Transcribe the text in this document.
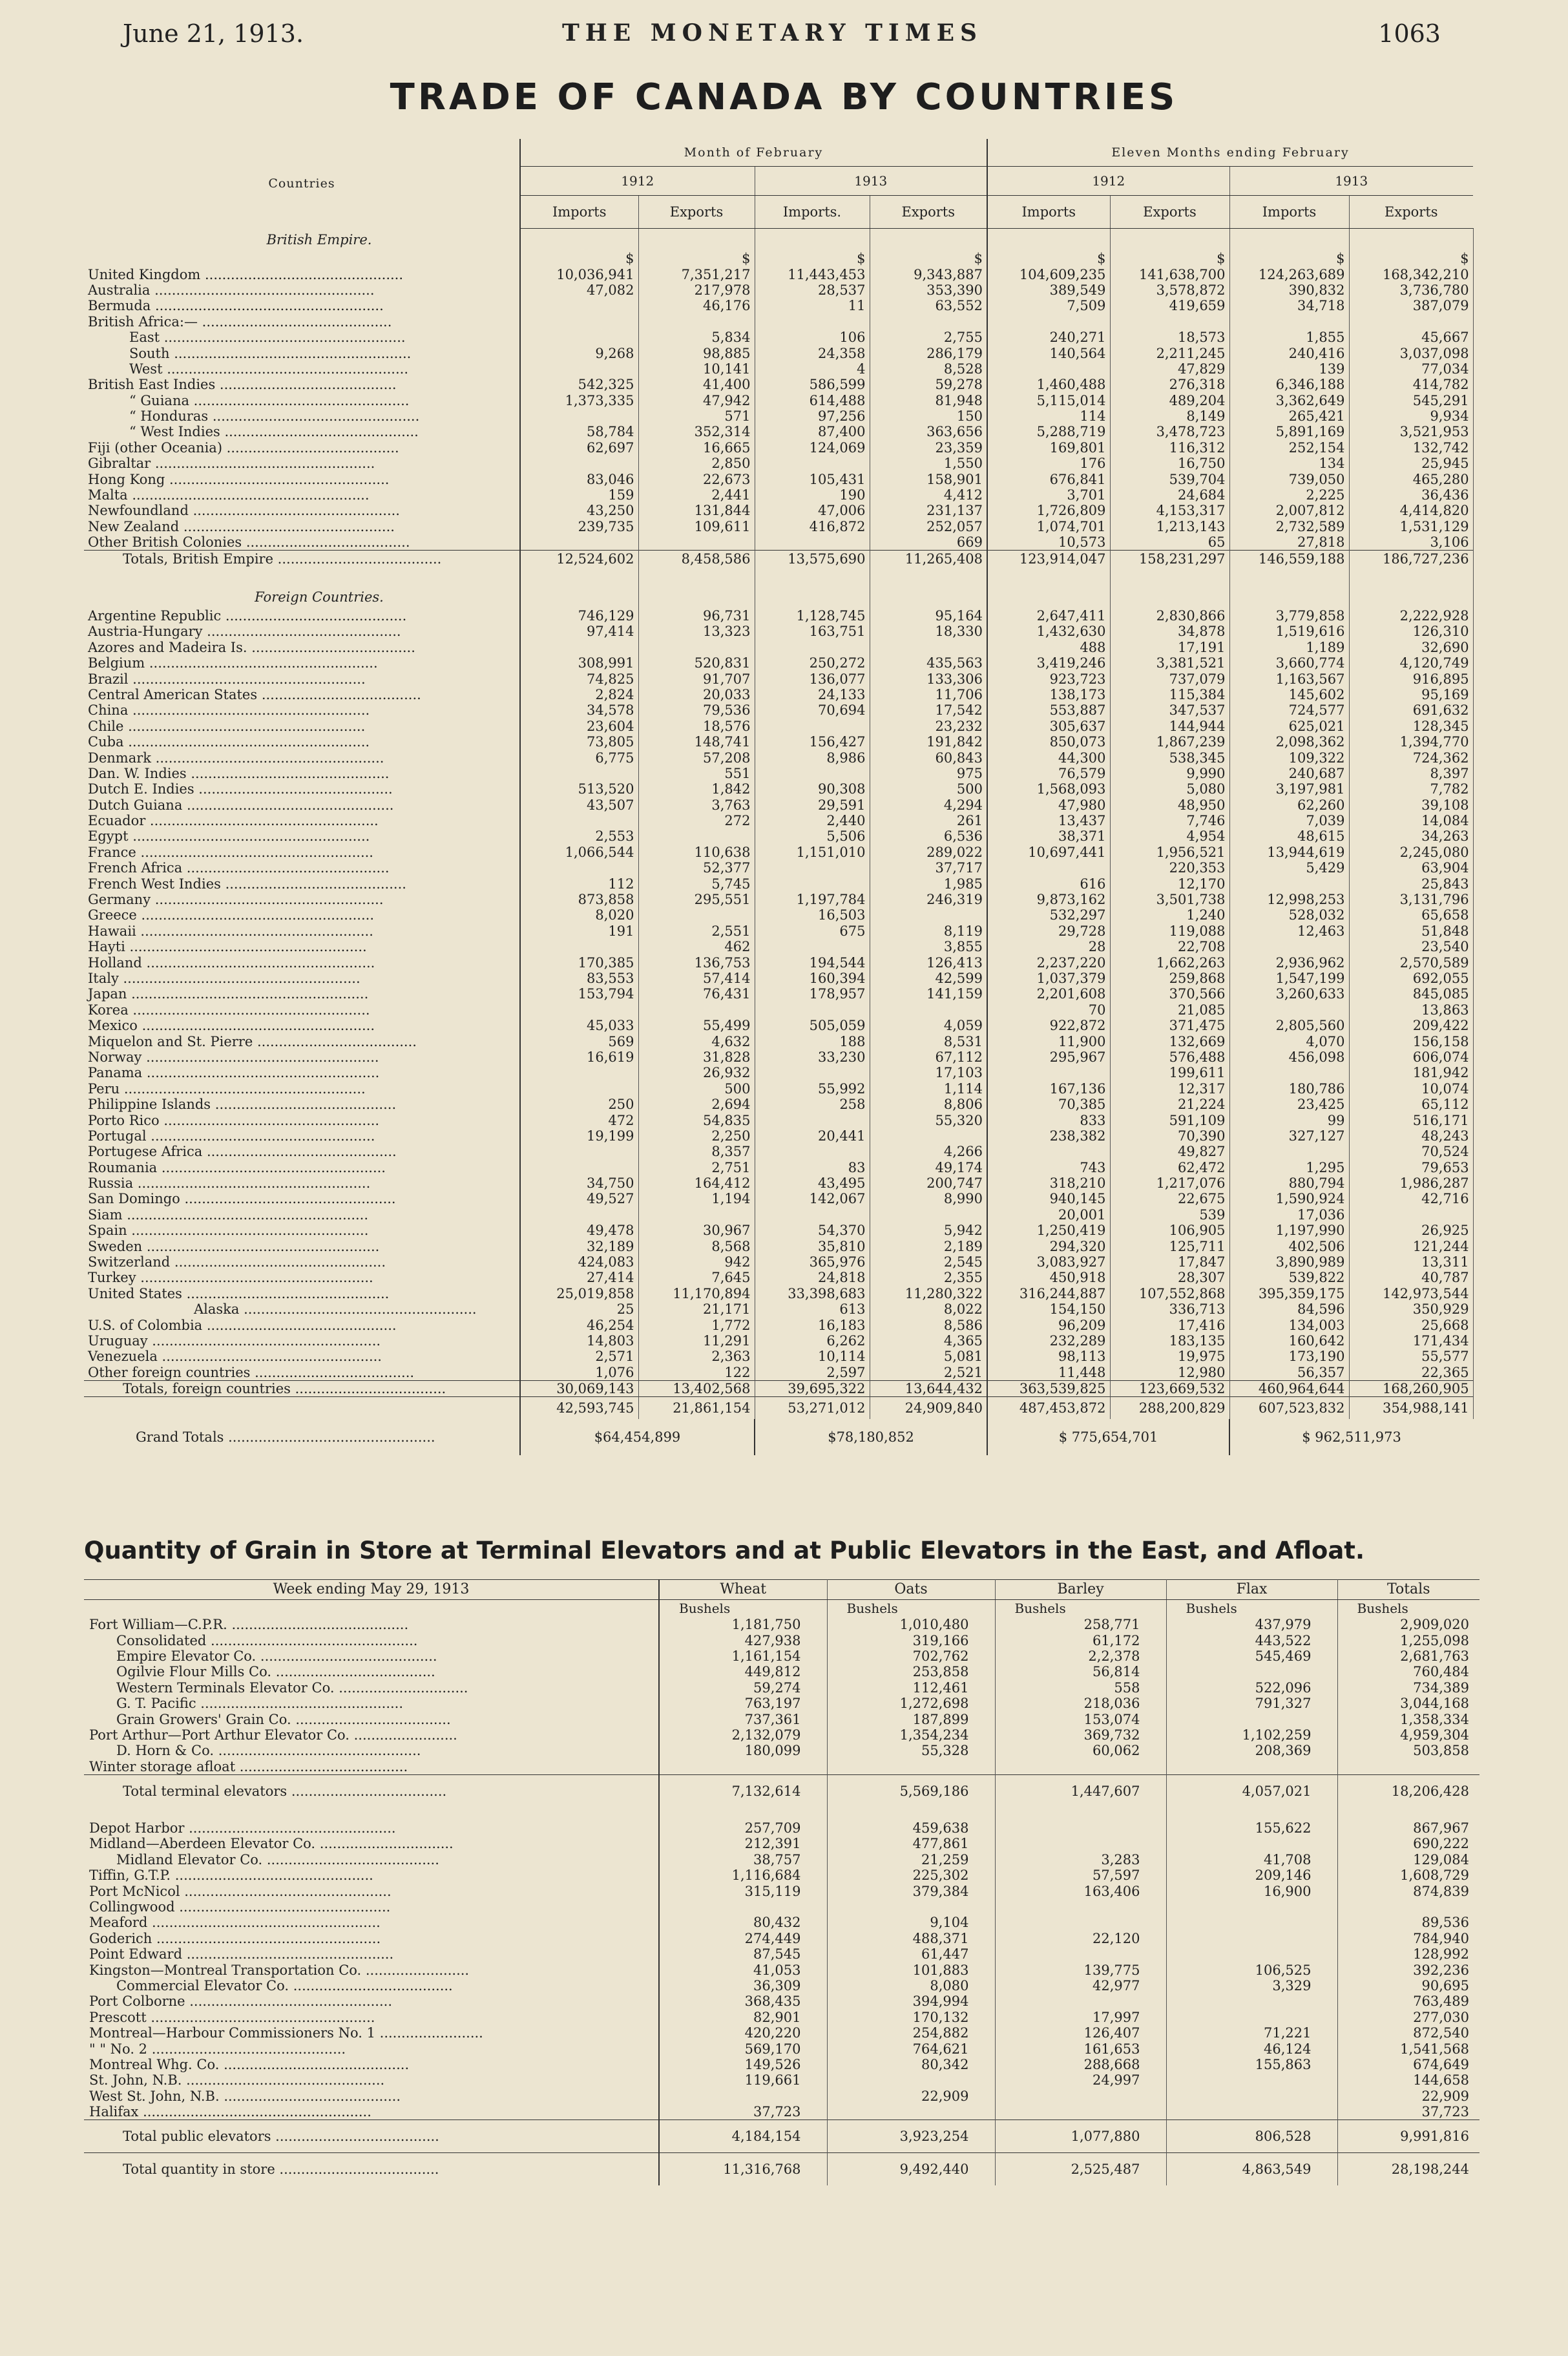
June 21, 1913.	THE MONETARY TIMES	1063
TRADE OF CANADA BY COUNTRIES
Countries	Month of February				Eleven Months ending February			
	1912		1913		1912		1913	
	Imports	Exports	Imports.	Exports	Imports	Exports	Imports	Exports
British Empire.								
	$	$	$	$	$	$	$	$
United Kingdom ..............................................	10,036,941	7,351,217	11,443,453	9,343,887	104,609,235	141,638,700	124,263,689	168,342,210
Australia ...................................................	47,082	217,978	28,537	353,390	389,549	3,578,872	390,832	3,736,780
Bermuda .....................................................		46,176	11	63,552	7,509	419,659	34,718	387,079
British Africa:— ............................................								
East ........................................................		5,834	106	2,755	240,271	18,573	1,855	45,667
South .......................................................	9,268	98,885	24,358	286,179	140,564	2,211,245	240,416	3,037,098
West ........................................................		10,141	4	8,528		47,829	139	77,034
British East Indies .........................................	542,325	41,400	586,599	59,278	1,460,488	276,318	6,346,188	414,782
“ Guiana ..................................................	1,373,335	47,942	614,488	81,948	5,115,014	489,204	3,362,649	545,291
“ Honduras ................................................		571	97,256	150	114	8,149	265,421	9,934
“ West Indies .............................................	58,784	352,314	87,400	363,656	5,288,719	3,478,723	5,891,169	3,521,953
Fiji (other Oceania) ........................................	62,697	16,665	124,069	23,359	169,801	116,312	252,154	132,742
Gibraltar ...................................................		2,850		1,550	176	16,750	134	25,945
Hong Kong ...................................................	83,046	22,673	105,431	158,901	676,841	539,704	739,050	465,280
Malta .......................................................	159	2,441	190	4,412	3,701	24,684	2,225	36,436
Newfoundland ................................................	43,250	131,844	47,006	231,137	1,726,809	4,153,317	2,007,812	4,414,820
New Zealand .................................................	239,735	109,611	416,872	252,057	1,074,701	1,213,143	2,732,589	1,531,129
Other British Colonies ......................................				669	10,573	65	27,818	3,106
Totals, British Empire ......................................	12,524,602	8,458,586	13,575,690	11,265,408	123,914,047	158,231,297	146,559,188	186,727,236

Foreign Countries.								
Argentine Republic ..........................................	746,129	96,731	1,128,745	95,164	2,647,411	2,830,866	3,779,858	2,222,928
Austria-Hungary .............................................	97,414	13,323	163,751	18,330	1,432,630	34,878	1,519,616	126,310
Azores and Madeira Is. ......................................					488	17,191	1,189	32,690
Belgium .....................................................	308,991	520,831	250,272	435,563	3,419,246	3,381,521	3,660,774	4,120,749
Brazil ......................................................	74,825	91,707	136,077	133,306	923,723	737,079	1,163,567	916,895
Central American States .....................................	2,824	20,033	24,133	11,706	138,173	115,384	145,602	95,169
China .......................................................	34,578	79,536	70,694	17,542	553,887	347,537	724,577	691,632
Chile .......................................................	23,604	18,576		23,232	305,637	144,944	625,021	128,345
Cuba ........................................................	73,805	148,741	156,427	191,842	850,073	1,867,239	2,098,362	1,394,770
Denmark .....................................................	6,775	57,208	8,986	60,843	44,300	538,345	109,322	724,362
Dan. W. Indies ..............................................		551		975	76,579	9,990	240,687	8,397
Dutch E. Indies .............................................	513,520	1,842	90,308	500	1,568,093	5,080	3,197,981	7,782
Dutch Guiana ................................................	43,507	3,763	29,591	4,294	47,980	48,950	62,260	39,108
Ecuador .....................................................		272	2,440	261	13,437	7,746	7,039	14,084
Egypt .......................................................	2,553		5,506	6,536	38,371	4,954	48,615	34,263
France ......................................................	1,066,544	110,638	1,151,010	289,022	10,697,441	1,956,521	13,944,619	2,245,080
French Africa ...............................................		52,377		37,717		220,353	5,429	63,904
French West Indies ..........................................	112	5,745		1,985	616	12,170		25,843
Germany .....................................................	873,858	295,551	1,197,784	246,319	9,873,162	3,501,738	12,998,253	3,131,796
Greece ......................................................	8,020		16,503		532,297	1,240	528,032	65,658
Hawaii ......................................................	191	2,551	675	8,119	29,728	119,088	12,463	51,848
Hayti .......................................................		462		3,855	28	22,708		23,540
Holland .....................................................	170,385	136,753	194,544	126,413	2,237,220	1,662,263	2,936,962	2,570,589
Italy .......................................................	83,553	57,414	160,394	42,599	1,037,379	259,868	1,547,199	692,055
Japan .......................................................	153,794	76,431	178,957	141,159	2,201,608	370,566	3,260,633	845,085
Korea .......................................................					70	21,085		13,863
Mexico ......................................................	45,033	55,499	505,059	4,059	922,872	371,475	2,805,560	209,422
Miquelon and St. Pierre .....................................	569	4,632	188	8,531	11,900	132,669	4,070	156,158
Norway ......................................................	16,619	31,828	33,230	67,112	295,967	576,488	456,098	606,074
Panama ......................................................		26,932		17,103		199,611		181,942
Peru ........................................................		500	55,992	1,114	167,136	12,317	180,786	10,074
Philippine Islands ..........................................	250	2,694	258	8,806	70,385	21,224	23,425	65,112
Porto Rico ..................................................	472	54,835		55,320	833	591,109	99	516,171
Portugal ....................................................	19,199	2,250	20,441		238,382	70,390	327,127	48,243
Portugese Africa ............................................		8,357		4,266		49,827		70,524
Roumania ....................................................		2,751	83	49,174	743	62,472	1,295	79,653
Russia ......................................................	34,750	164,412	43,495	200,747	318,210	1,217,076	880,794	1,986,287
San Domingo .................................................	49,527	1,194	142,067	8,990	940,145	22,675	1,590,924	42,716
Siam ........................................................					20,001	539	17,036	
Spain .......................................................	49,478	30,967	54,370	5,942	1,250,419	106,905	1,197,990	26,925
Sweden ......................................................	32,189	8,568	35,810	2,189	294,320	125,711	402,506	121,244
Switzerland .................................................	424,083	942	365,976	2,545	3,083,927	17,847	3,890,989	13,311
Turkey ......................................................	27,414	7,645	24,818	2,355	450,918	28,307	539,822	40,787
United States ...............................................	25,019,858	11,170,894	33,398,683	11,280,322	316,244,887	107,552,868	395,359,175	142,973,544
Alaska ......................................................	25	21,171	613	8,022	154,150	336,713	84,596	350,929
U.S. of Colombia ............................................	46,254	1,772	16,183	8,586	96,209	17,416	134,003	25,668
Uruguay .....................................................	14,803	11,291	6,262	4,365	232,289	183,135	160,642	171,434
Venezuela ...................................................	2,571	2,363	10,114	5,081	98,113	19,975	173,190	55,577
Other foreign countries .....................................	1,076	122	2,597	2,521	11,448	12,980	56,357	22,365
Totals, foreign countries ...................................	30,069,143	13,402,568	39,695,322	13,644,432	363,539,825	123,669,532	460,964,644	168,260,905
	42,593,745	21,861,154	53,271,012	24,909,840	487,453,872	288,200,829	607,523,832	354,988,141
Grand Totals ................................................	$64,454,899		$78,180,852		$ 775,654,701		$ 962,511,973	
Quantity of Grain in Store at Terminal Elevators and at Public Elevators in the East, and Afloat.
Week ending May 29, 1913	Wheat	Oats	Barley	Flax	Totals
	Bushels	Bushels	Bushels	Bushels	Bushels
Fort William—C.P.R. .........................................	1,181,750	1,010,480	258,771	437,979	2,909,020
Consolidated ................................................	427,938	319,166	61,172	443,522	1,255,098
Empire Elevator Co. .........................................	1,161,154	702,762	2,2,378	545,469	2,681,763
Ogilvie Flour Mills Co. .....................................	449,812	253,858	56,814		760,484
Western Terminals Elevator Co. ..............................	59,274	112,461	558	522,096	734,389
G. T. Pacific ...............................................	763,197	1,272,698	218,036	791,327	3,044,168
Grain Growers' Grain Co. ....................................	737,361	187,899	153,074		1,358,334
Port Arthur—Port Arthur Elevator Co. ........................	2,132,079	1,354,234	369,732	1,102,259	4,959,304
D. Horn & Co. ...............................................	180,099	55,328	60,062	208,369	503,858
Winter storage afloat .......................................					
Total terminal elevators ....................................	7,132,614	5,569,186	1,447,607	4,057,021	18,206,428

Depot Harbor ................................................	257,709	459,638		155,622	867,967
Midland—Aberdeen Elevator Co. ...............................	212,391	477,861			690,222
Midland Elevator Co. ........................................	38,757	21,259	3,283	41,708	129,084
Tiffin, G.T.P. ..............................................	1,116,684	225,302	57,597	209,146	1,608,729
Port McNicol ................................................	315,119	379,384	163,406	16,900	874,839
Collingwood .................................................					
Meaford .....................................................	80,432	9,104			89,536
Goderich ....................................................	274,449	488,371	22,120		784,940
Point Edward ................................................	87,545	61,447			128,992
Kingston—Montreal Transportation Co. ........................	41,053	101,883	139,775	106,525	392,236
Commercial Elevator Co. .....................................	36,309	8,080	42,977	3,329	90,695
Port Colborne ...............................................	368,435	394,994			763,489
Prescott ....................................................	82,901	170,132	17,997		277,030
Montreal—Harbour Commissioners No. 1 ........................	420,220	254,882	126,407	71,221	872,540
" " No. 2 .............................................	569,170	764,621	161,653	46,124	1,541,568
Montreal Whg. Co. ...........................................	149,526	80,342	288,668	155,863	674,649
St. John, N.B. ..............................................	119,661		24,997		144,658
West St. John, N.B. .........................................		22,909			22,909
Halifax .....................................................	37,723				37,723
Total public elevators ......................................	4,184,154	3,923,254	1,077,880	806,528	9,991,816
Total quantity in store .....................................	11,316,768	9,492,440	2,525,487	4,863,549	28,198,244
